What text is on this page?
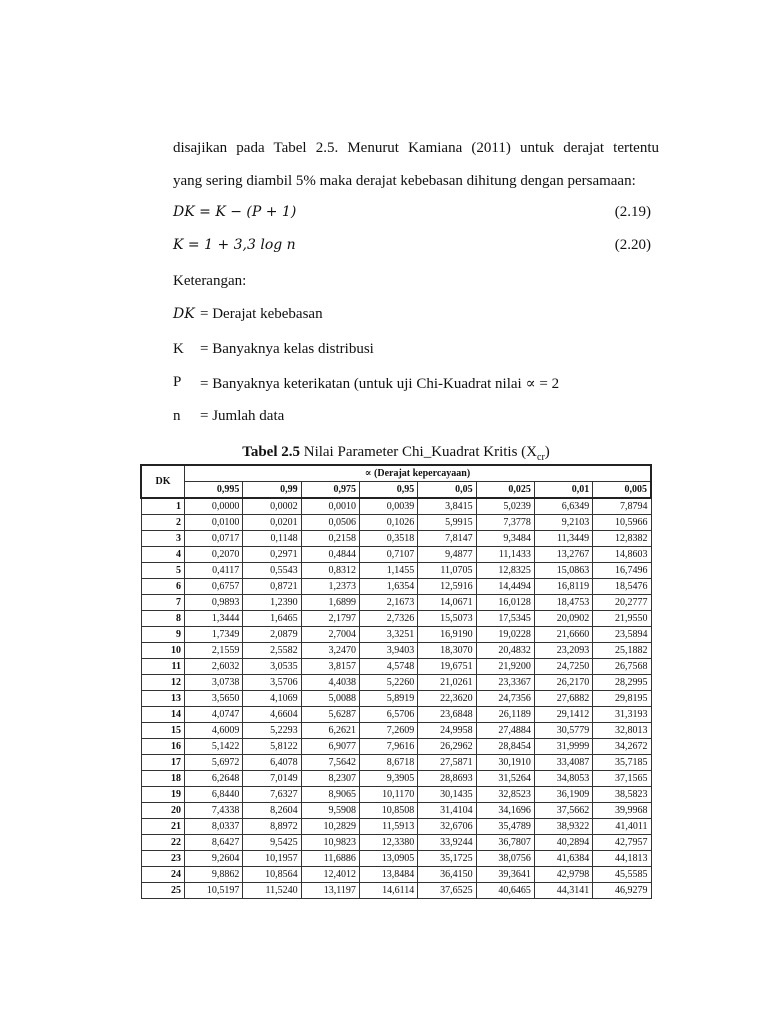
disajikan pada Tabel 2.5. Menurut Kamiana (2011) untuk derajat tertentu
yang sering diambil 5% maka derajat kebebasan dihitung dengan persamaan:
DK = K − (P + 1)	(2.19)
K = 1 + 3,3 log n	(2.20)
Keterangan:
DK = Derajat kebebasan
K	= Banyaknya kelas distribusi
P	= Banyaknya keterikatan (untuk uji Chi-Kuadrat nilai ∝ = 2
n	= Jumlah data
Tabel 2.5 Nilai Parameter Chi_Kuadrat Kritis $(X_{cr})$
DK	∝ (Derajat kepercayaan)							
	0,995	0,99	0,975	0,95	0,05	0,025	0,01	0,005
1	0,0000	0,0002	0,0010	0,0039	3,8415	5,0239	6,6349	7,8794
2	0,0100	0,0201	0,0506	0,1026	5,9915	7,3778	9,2103	10,5966
3	0,0717	0,1148	0,2158	0,3518	7,8147	9,3484	11,3449	12,8382
4	0,2070	0,2971	0,4844	0,7107	9,4877	11,1433	13,2767	14,8603
5	0,4117	0,5543	0,8312	1,1455	11,0705	12,8325	15,0863	16,7496
6	0,6757	0,8721	1,2373	1,6354	12,5916	14,4494	16,8119	18,5476
7	0,9893	1,2390	1,6899	2,1673	14,0671	16,0128	18,4753	20,2777
8	1,3444	1,6465	2,1797	2,7326	15,5073	17,5345	20,0902	21,9550
9	1,7349	2,0879	2,7004	3,3251	16,9190	19,0228	21,6660	23,5894
10	2,1559	2,5582	3,2470	3,9403	18,3070	20,4832	23,2093	25,1882
11	2,6032	3,0535	3,8157	4,5748	19,6751	21,9200	24,7250	26,7568
12	3,0738	3,5706	4,4038	5,2260	21,0261	23,3367	26,2170	28,2995
13	3,5650	4,1069	5,0088	5,8919	22,3620	24,7356	27,6882	29,8195
14	4,0747	4,6604	5,6287	6,5706	23,6848	26,1189	29,1412	31,3193
15	4,6009	5,2293	6,2621	7,2609	24,9958	27,4884	30,5779	32,8013
16	5,1422	5,8122	6,9077	7,9616	26,2962	28,8454	31,9999	34,2672
17	5,6972	6,4078	7,5642	8,6718	27,5871	30,1910	33,4087	35,7185
18	6,2648	7,0149	8,2307	9,3905	28,8693	31,5264	34,8053	37,1565
19	6,8440	7,6327	8,9065	10,1170	30,1435	32,8523	36,1909	38,5823
20	7,4338	8,2604	9,5908	10,8508	31,4104	34,1696	37,5662	39,9968
21	8,0337	8,8972	10,2829	11,5913	32,6706	35,4789	38,9322	41,4011
22	8,6427	9,5425	10,9823	12,3380	33,9244	36,7807	40,2894	42,7957
23	9,2604	10,1957	11,6886	13,0905	35,1725	38,0756	41,6384	44,1813
24	9,8862	10,8564	12,4012	13,8484	36,4150	39,3641	42,9798	45,5585
25	10,5197	11,5240	13,1197	14,6114	37,6525	40,6465	44,3141	46,9279
